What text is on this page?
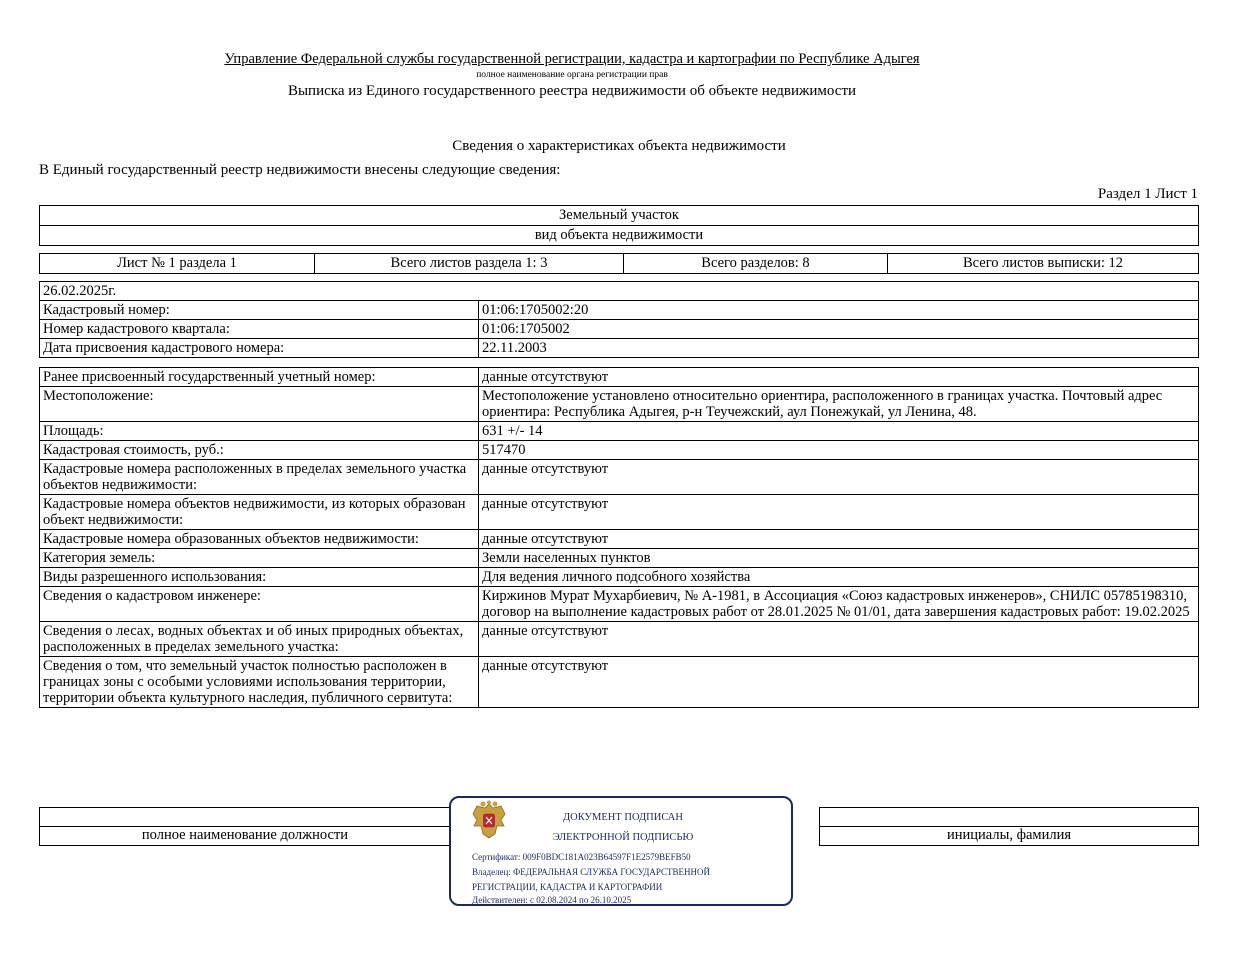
Управление Федеральной службы государственной регистрации, кадастра и картографии по Республике Адыгея
полное наименование органа регистрации прав
Выписка из Единого государственного реестра недвижимости об объекте недвижимости
Сведения о характеристиках объекта недвижимости
В Единый государственный реестр недвижимости внесены следующие сведения:
Раздел 1 Лист 1
Земельный участок
вид объекта недвижимости
Лист № 1 раздела 1	Всего листов раздела 1: 3	Всего разделов: 8	Всего листов выписки: 12
26.02.2025г.	
Кадастровый номер:	01:06:1705002:20
Номер кадастрового квартала:	01:06:1705002
Дата присвоения кадастрового номера:	22.11.2003
Ранее присвоенный государственный учетный номер:	данные отсутствуют
Местоположение:	Местоположение установлено относительно ориентира, расположенного в границах участка. Почтовый адрес ориентира: Республика Адыгея, р-н Теучежский, аул Понежукай, ул Ленина, 48.
Площадь:	631 +/- 14
Кадастровая стоимость, руб.:	517470
Кадастровые номера расположенных в пределах земельного участка объектов недвижимости:	данные отсутствуют
Кадастровые номера объектов недвижимости, из которых образован объект недвижимости:	данные отсутствуют
Кадастровые номера образованных объектов недвижимости:	данные отсутствуют
Категория земель:	Земли населенных пунктов
Виды разрешенного использования:	Для ведения личного подсобного хозяйства
Сведения о кадастровом инженере:	Киржинов Мурат Мухарбиевич, № А-1981, в Ассоциация «Союз кадастровых инженеров», СНИЛС 05785198310, договор на выполнение кадастровых работ от 28.01.2025 № 01/01, дата завершения кадастровых работ: 19.02.2025
Сведения о лесах, водных объектах и об иных природных объектах, расположенных в пределах земельного участка:	данные отсутствуют
Сведения о том, что земельный участок полностью расположен в границах зоны с особыми условиями использования территории, территории объекта культурного наследия, публичного сервитута:	данные отсутствуют

полное наименование должности		инициалы, фамилия
ДОКУМЕНТ ПОДПИСАН
ЭЛЕКТРОННОЙ ПОДПИСЬЮ
Сертификат: 009F0BDC181A023B64597F1E2579BEFB50
Владелец: ФЕДЕРАЛЬНАЯ СЛУЖБА ГОСУДАРСТВЕННОЙ
РЕГИСТРАЦИИ, КАДАСТРА И КАРТОГРАФИИ
Действителен: с 02.08.2024 по 26.10.2025
